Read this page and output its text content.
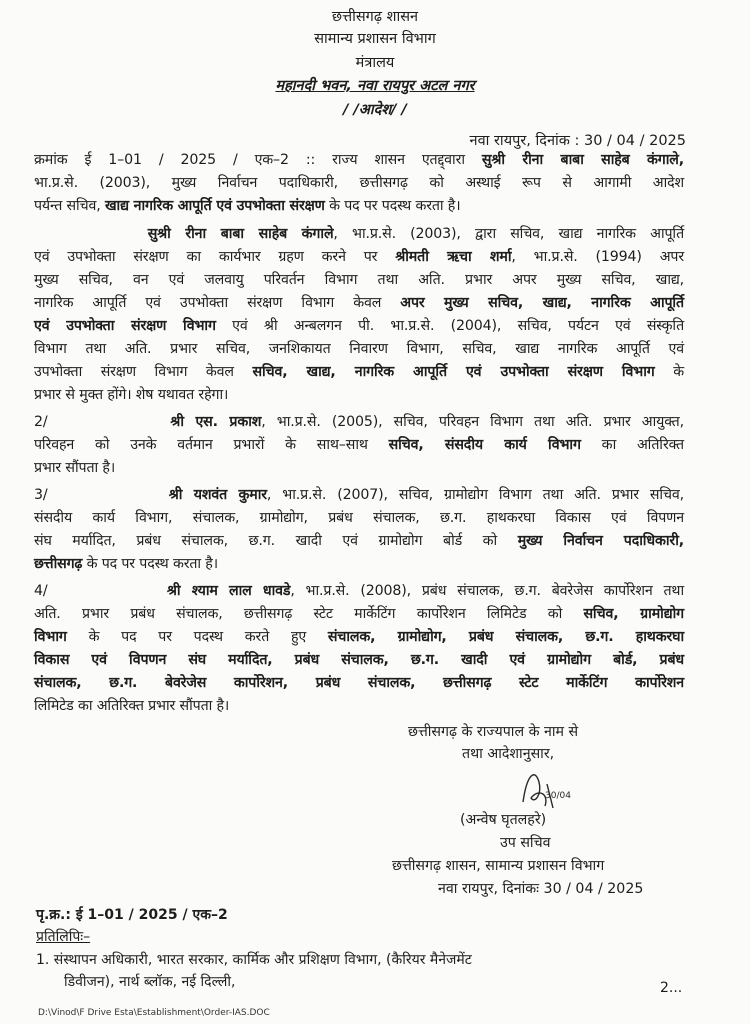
छत्तीसगढ़ शासन
सामान्य प्रशासन विभाग
मंत्रालय
महानदी भवन, नवा रायपुर अटल नगर
/ /आदेश/ /
नवा रायपुर, दिनांक : 30 / 04 / 2025
क्रमांक ई 1–01 / 2025 / एक–2 :: राज्य शासन एतद्द्वारा सुश्री रीना बाबा साहेब कंगाले,
भा.प्र.से. (2003), मुख्य निर्वाचन पदाधिकारी, छत्तीसगढ़ को अस्थाई रूप से आगामी आदेश
पर्यन्त सचिव, खाद्य नागरिक आपूर्ति एवं उपभोक्ता संरक्षण के पद पर पदस्थ करता है।
सुश्री रीना बाबा साहेब कंगाले, भा.प्र.से. (2003), द्वारा सचिव, खाद्य नागरिक आपूर्ति
एवं उपभोक्ता संरक्षण का कार्यभार ग्रहण करने पर श्रीमती ऋचा शर्मा, भा.प्र.से. (1994) अपर
मुख्य सचिव, वन एवं जलवायु परिवर्तन विभाग तथा अति. प्रभार अपर मुख्य सचिव, खाद्य,
नागरिक आपूर्ति एवं उपभोक्ता संरक्षण विभाग केवल अपर मुख्य सचिव, खाद्य, नागरिक आपूर्ति
एवं उपभोक्ता संरक्षण विभाग एवं श्री अन्बलगन पी. भा.प्र.से. (2004), सचिव, पर्यटन एवं संस्कृति
विभाग तथा अति. प्रभार सचिव, जनशिकायत निवारण विभाग, सचिव, खाद्य नागरिक आपूर्ति एवं
उपभोक्ता संरक्षण विभाग केवल सचिव, खाद्य, नागरिक आपूर्ति एवं उपभोक्ता संरक्षण विभाग के
प्रभार से मुक्त होंगे। शेष यथावत रहेगा।
2/           श्री एस. प्रकाश, भा.प्र.से. (2005), सचिव, परिवहन विभाग तथा अति. प्रभार आयुक्त,
परिवहन को उनके वर्तमान प्रभारों के साथ–साथ सचिव, संसदीय कार्य विभाग का अतिरिक्त
प्रभार सौंपता है।
3/           श्री यशवंत कुमार, भा.प्र.से. (2007), सचिव, ग्रामोद्योग विभाग तथा अति. प्रभार सचिव,
संसदीय कार्य विभाग, संचालक, ग्रामोद्योग, प्रबंध संचालक, छ.ग. हाथकरघा विकास एवं विपणन
संघ मर्यादित, प्रबंध संचालक, छ.ग. खादी एवं ग्रामोद्योग बोर्ड को मुख्य निर्वाचन पदाधिकारी,
छत्तीसगढ़ के पद पर पदस्थ करता है।
4/           श्री श्याम लाल धावडे, भा.प्र.से. (2008), प्रबंध संचालक, छ.ग. बेवरेजेस कार्पोरेशन तथा
अति. प्रभार प्रबंध संचालक, छत्तीसगढ़ स्टेट मार्केटिंग कार्पोरेशन लिमिटेड को सचिव, ग्रामोद्योग
विभाग के पद पर पदस्थ करते हुए संचालक, ग्रामोद्योग, प्रबंध संचालक, छ.ग. हाथकरघा
विकास एवं विपणन संघ मर्यादित, प्रबंध संचालक, छ.ग. खादी एवं ग्रामोद्योग बोर्ड, प्रबंध
संचालक, छ.ग. बेवरेजेस कार्पोरेशन, प्रबंध संचालक, छत्तीसगढ़ स्टेट मार्केटिंग कार्पोरेशन
लिमिटेड का अतिरिक्त प्रभार सौंपता है।
छत्तीसगढ़ के राज्यपाल के नाम से
तथा आदेशानुसार,
30/04
(अन्वेष घृतलहरे)
उप सचिव
छत्तीसगढ़ शासन, सामान्य प्रशासन विभाग
नवा रायपुर, दिनांकः 30 / 04 / 2025
पृ.क्र.: ई 1–01 / 2025 / एक–2
प्रतिलिपिः–
1. संस्थापन अधिकारी, भारत सरकार, कार्मिक और प्रशिक्षण विभाग, (कैरियर मैनेजमेंट
डिवीजन), नार्थ ब्लॉक, नई दिल्ली,	2...
D:\Vinod\F Drive Esta\Establishment\Order-IAS.DOC
